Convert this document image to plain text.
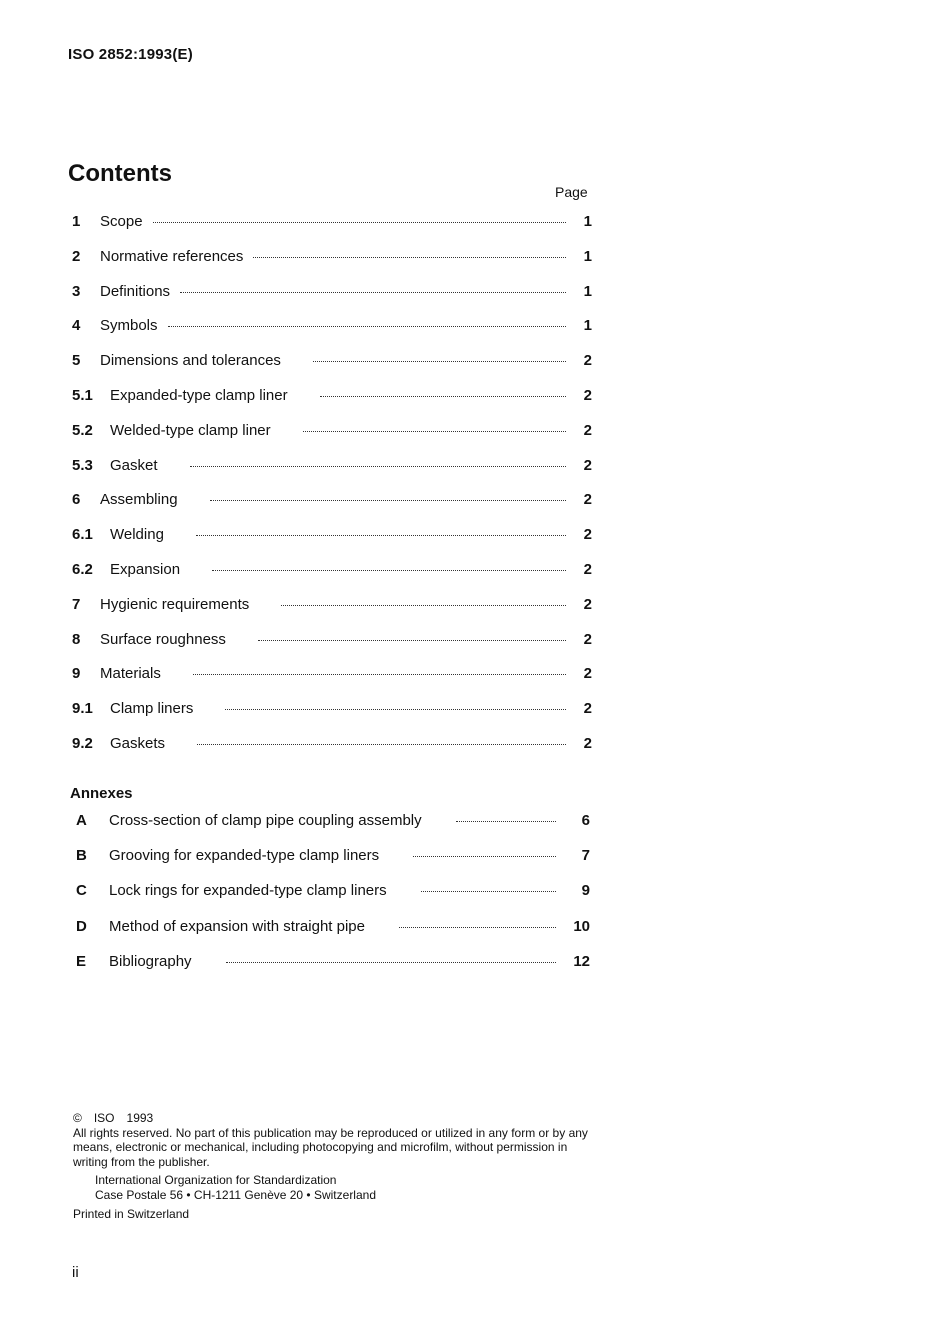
ISO 2852:1993(E)
Contents
Page
1	Scope	1
2	Normative references	1
3	Definitions	1
4	Symbols	1
5	Dimensions and tolerances	2
5.1	Expanded-type clamp liner	2
5.2	Welded-type clamp liner	2
5.3	Gasket	2
6	Assembling	2
6.1	Welding	2
6.2	Expansion	2
7	Hygienic requirements	2
8	Surface roughness	2
9	Materials	2
9.1	Clamp liners	2
9.2	Gaskets	2
Annexes
A	Cross-section of clamp pipe coupling assembly	6
B	Grooving for expanded-type clamp liners	7
C	Lock rings for expanded-type clamp liners	9
D	Method of expansion with straight pipe	10
E	Bibliography	12
© ISO 1993
All rights reserved. No part of this publication may be reproduced or utilized in any form or by any means, electronic or mechanical, including photocopying and microfilm, without permission in writing from the publisher.
International Organization for Standardization
Case Postale 56 • CH-1211 Genève 20 • Switzerland
Printed in Switzerland
ii
